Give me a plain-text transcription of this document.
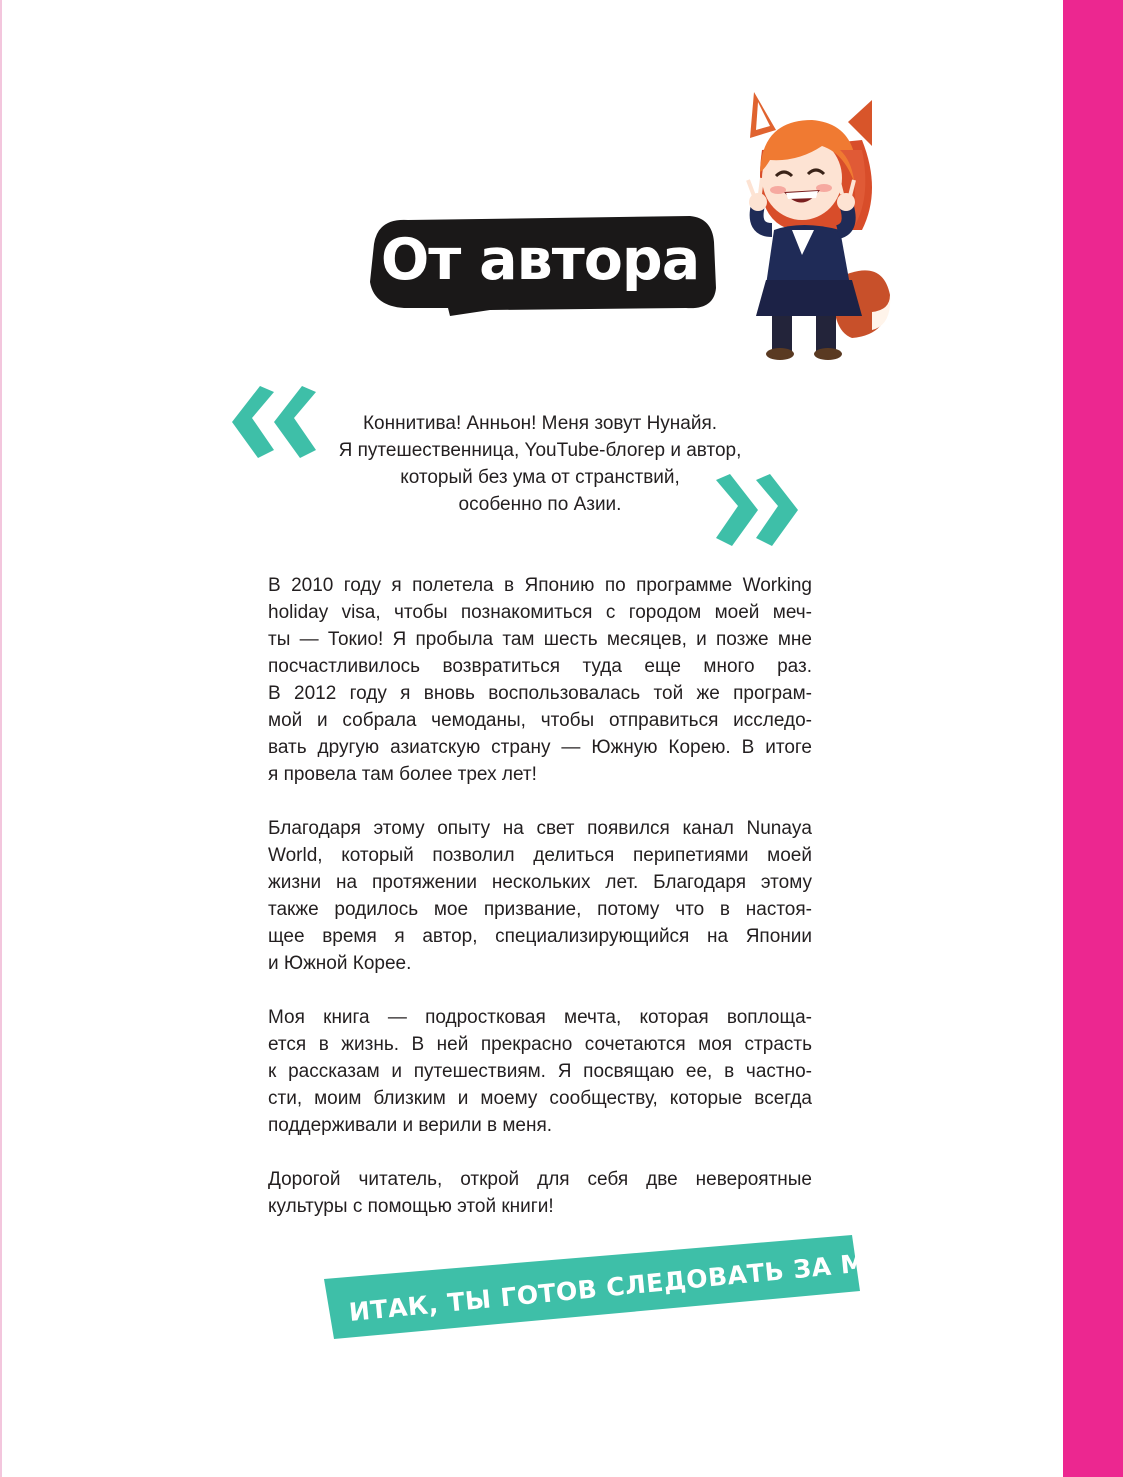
От автора
Коннитива! Анньон! Меня зовут Нунайя.
Я путешественница, YouTube-блогер и автор,
который без ума от странствий,
особенно по Азии.
В 2010 году я полетела в Японию по программе Working
holiday visa, чтобы познакомиться с городом моей меч-
ты — Токио! Я пробыла там шесть месяцев, и позже мне
посчастливилось возвратиться туда еще много раз.
В 2012 году я вновь воспользовалась той же програм-
мой и собрала чемоданы, чтобы отправиться исследо-
вать другую азиатскую страну — Южную Корею. В итоге
я провела там более трех лет!
Благодаря этому опыту на свет появился канал Nunaya
World, который позволил делиться перипетиями моей
жизни на протяжении нескольких лет. Благодаря этому
также родилось мое призвание, потому что в настоя-
щее время я автор, специализирующийся на Японии
и Южной Корее.
Моя книга — подростковая мечта, которая воплоща-
ется в жизнь. В ней прекрасно сочетаются моя страсть
к рассказам и путешествиям. Я посвящаю ее, в частно-
сти, моим близким и моему сообществу, которые всегда
поддерживали и верили в меня.
Дорогой читатель, открой для себя две невероятные
культуры с помощью этой книги!
ИТАК, ТЫ ГОТОВ СЛЕДОВАТЬ ЗА МНОЙ?
